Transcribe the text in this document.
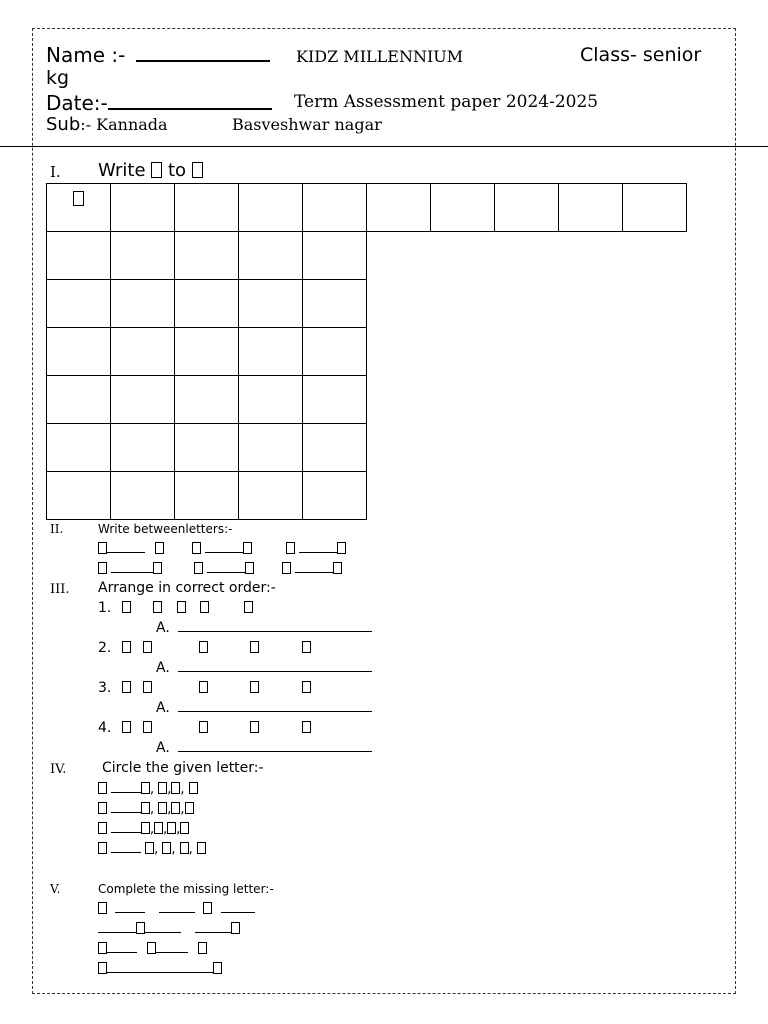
Name :-	KIDZ MILLENNIUM	Class- senior
kg
Date:-	Term Assessment paper 2024-2025
Sub:- Kannada	Basveshwar nagar
I. Write to

II.	Write betweenletters:-

III. Arrange in correct order:-
1.
A.
2.
A.
3.
A.
4.
A.
IV.	Circle the given letter:-
, , ,
, , ,
, , ,
, , ,
V.	Complete the missing letter:-
